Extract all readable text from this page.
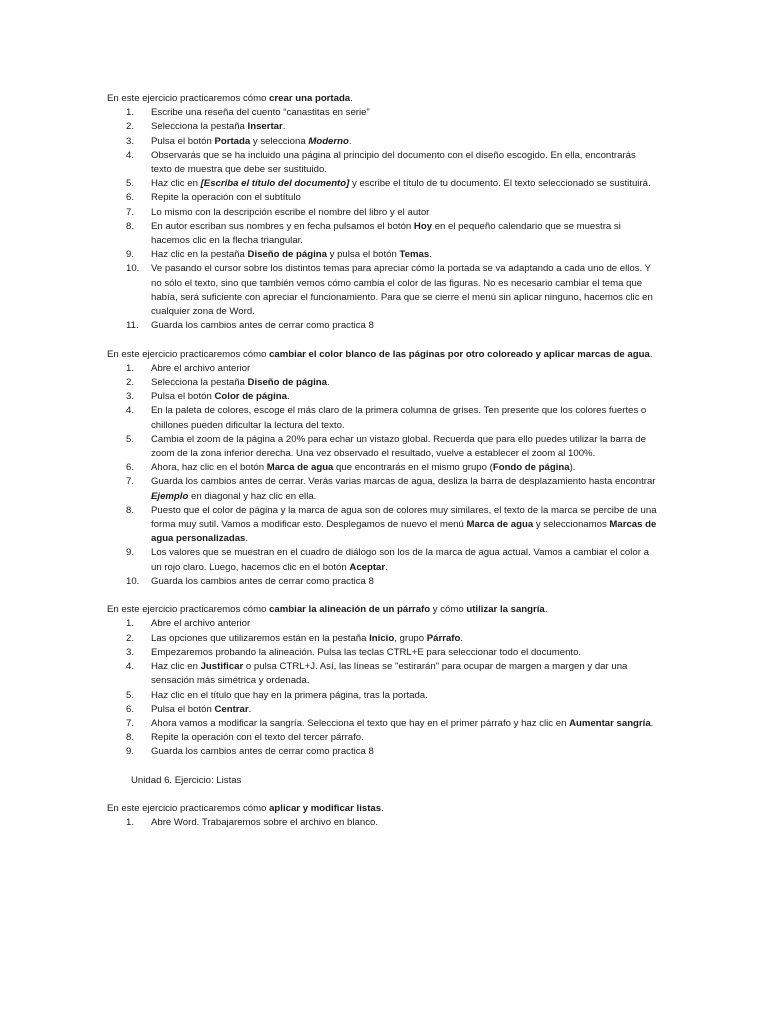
En este ejercicio practicaremos cómo crear una portada.
1.	Escribe una reseña del cuento “canastitas en serie”
2.	Selecciona la pestaña Insertar.
3.	Pulsa el botón Portada y selecciona Moderno.
4.	Observarás que se ha incluido una página al principio del documento con el diseño escogido. En ella, encontrarás texto de muestra que debe ser sustituido.
5.	Haz clic en [Escriba el título del documento] y escribe el título de tu documento. El texto seleccionado se sustituirá.
6.	Repite la operación con el subtítulo
7.	Lo mismo con la descripción escribe el nombre del libro y el autor
8.	En autor escriban sus nombres y en fecha pulsamos el botón Hoy en el pequeño calendario que se muestra si hacemos clic en la flecha triangular.
9.	Haz clic en la pestaña Diseño de página y pulsa el botón Temas.
10. Ve pasando el cursor sobre los distintos temas para apreciar cómo la portada se va adaptando a cada uno de ellos. Y no sólo el texto, sino que también vemos cómo cambia el color de las figuras. No es necesario cambiar el tema que había, será suficiente con apreciar el funcionamiento. Para que se cierre el menú sin aplicar ninguno, hacemos clic en cualquier zona de Word.
11.	Guarda los cambios antes de cerrar como practica 8
En este ejercicio practicaremos cómo cambiar el color blanco de las páginas por otro coloreado y aplicar marcas de agua.
1.	Abre el archivo anterior
2.	Selecciona la pestaña Diseño de página.
3.	Pulsa el botón Color de página.
4.	En la paleta de colores, escoge el más claro de la primera columna de grises. Ten presente que los colores fuertes o chillones pueden dificultar la lectura del texto.
5.	Cambia el zoom de la página a 20% para echar un vistazo global. Recuerda que para ello puedes utilizar la barra de zoom de la zona inferior derecha. Una vez observado el resultado, vuelve a establecer el zoom al 100%.
6.	Ahora, haz clic en el botón Marca de agua que encontrarás en el mismo grupo (Fondo de página).
7.	Guarda los cambios antes de cerrar. Verás varias marcas de agua, desliza la barra de desplazamiento hasta encontrar Ejemplo en diagonal y haz clic en ella.
8.	Puesto que el color de página y la marca de agua son de colores muy similares, el texto de la marca se percibe de una forma muy sutil. Vamos a modificar esto. Desplegamos de nuevo el menú Marca de agua y seleccionamos Marcas de agua personalizadas.
9.	Los valores que se muestran en el cuadro de diálogo son los de la marca de agua actual. Vamos a cambiar el color a un rojo claro. Luego, hacemos clic en el botón Aceptar.
10. Guarda los cambios antes de cerrar como practica 8
En este ejercicio practicaremos cómo cambiar la alineación de un párrafo y cómo utilizar la sangría.
1.	Abre el archivo anterior
2.	Las opciones que utilizaremos están en la pestaña Inicio, grupo Párrafo.
3.	Empezaremos probando la alineación. Pulsa las teclas CTRL+E para seleccionar todo el documento.
4.	Haz clic en Justificar o pulsa CTRL+J. Así, las líneas se "estirarán" para ocupar de margen a margen y dar una sensación más simétrica y ordenada.
5.	Haz clic en el título que hay en la primera página, tras la portada.
6.	Pulsa el botón Centrar.
7.	Ahora vamos a modificar la sangría. Selecciona el texto que hay en el primer párrafo y haz clic en Aumentar sangría.
8.	Repite la operación con el texto del tercer párrafo.
9.	Guarda los cambios antes de cerrar como practica 8
Unidad 6. Ejercicio: Listas
En este ejercicio practicaremos cómo aplicar y modificar listas.
1.	Abre Word. Trabajaremos sobre el archivo en blanco.
